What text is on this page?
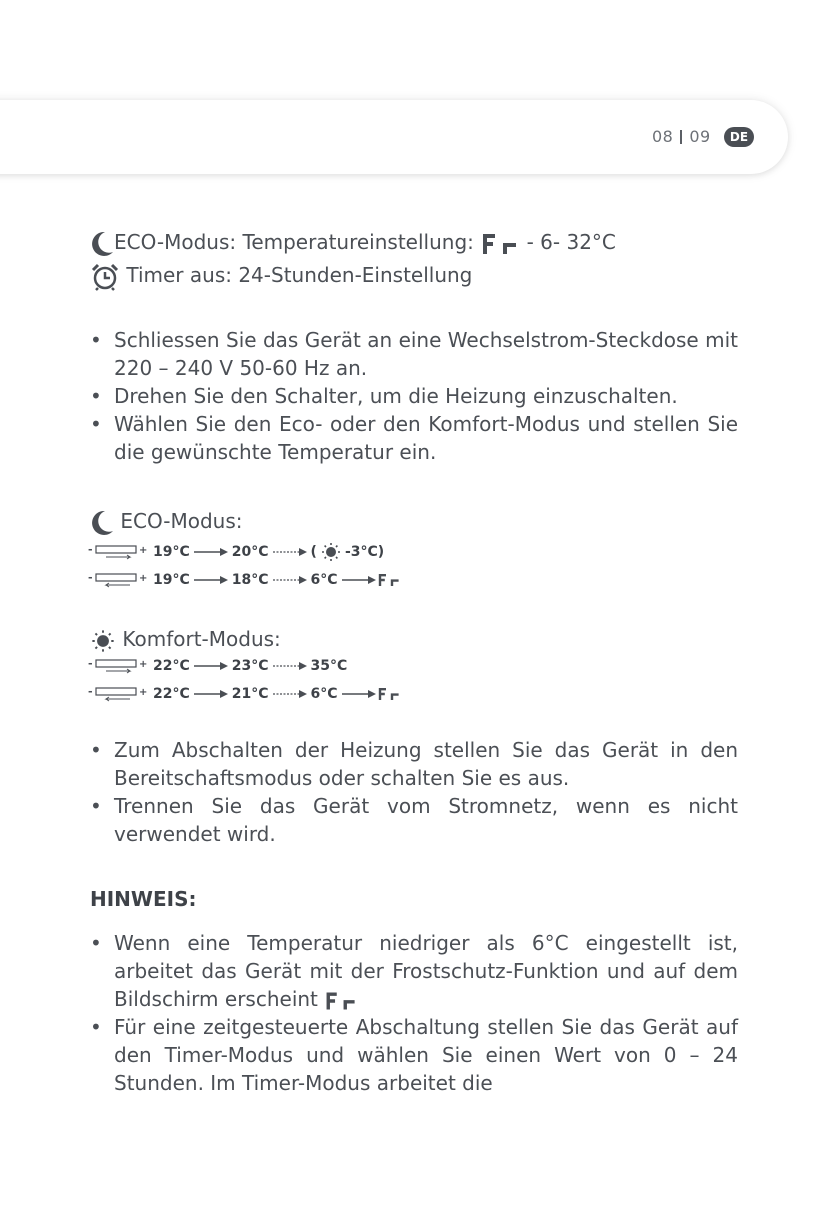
08 09	DE
ECO-Modus: Temperatureinstellung:  - 6- 32°C
Timer aus: 24-Stunden-Einstellung
• Schliessen Sie das Gerät an eine Wechselstrom-Steckdose mit 220 – 240 V 50-60 Hz an.
• Drehen Sie den Schalter, um die Heizung einzuschalten.
• Wählen Sie den Eco- oder den Komfort-Modus und stellen Sie die gewünschte Temperatur ein.
ECO-Modus:
-	+ 19°C	20°C	( -3°C)
-	+ 19°C	18°C	6°C
Komfort-Modus:
-	+ 22°C	23°C	35°C
-	+ 22°C	21°C	6°C
• Zum Abschalten der Heizung stellen Sie das Gerät in den Bereitschaftsmodus oder schalten Sie es aus.
• Trennen Sie das Gerät vom Stromnetz, wenn es nicht verwendet wird.
HINWEIS:
• Wenn eine Temperatur niedriger als 6°C eingestellt ist, arbeitet das Gerät mit der Frostschutz-Funktion und auf dem Bildschirm erscheint
• Für eine zeitgesteuerte Abschaltung stellen Sie das Gerät auf den Timer-Modus und wählen Sie einen Wert von 0 – 24 Stunden. Im Timer-Modus arbeitet die
